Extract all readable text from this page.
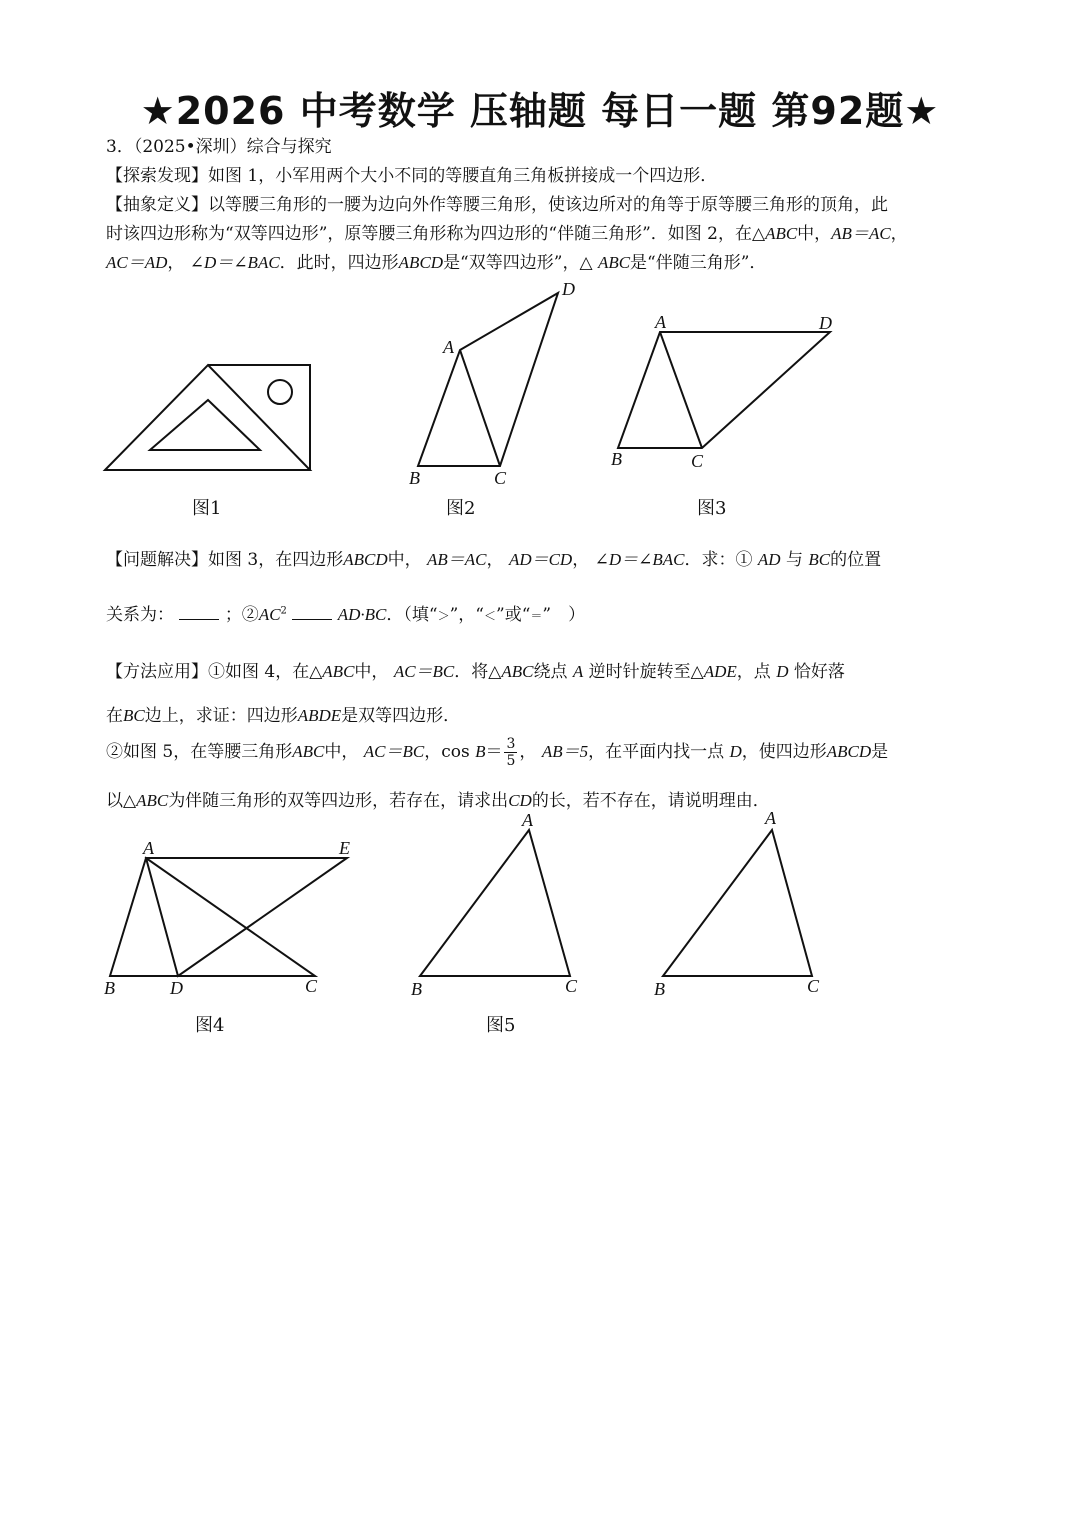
★2026 中考数学 压轴题 每日一题 第92题★
3．（2025•深圳）综合与探究
【探索发现】如图 1，小军用两个大小不同的等腰直角三角板拼接成一个四边形．
【抽象定义】以等腰三角形的一腰为边向外作等腰三角形，使该边所对的角等于原等腰三角形的顶角，此
时该四边形称为“双等四边形”，原等腰三角形称为四边形的“伴随三角形”．如图 2，在△ABC中，AB＝AC，
AC＝AD， ∠D＝∠BAC．此时，四边形ABCD是“双等四边形”，△ ABC是“伴随三角形”．
图1
A
D
B	C
图2
A	D
B	C
图3
【问题解决】如图 3，在四边形ABCD中， AB＝AC， AD＝CD， ∠D＝∠BAC．求：① AD 与 BC的位置
关系为：	；$②AC^2$	AD·BC．（填“＞”，“＜”或“＝”　）
【方法应用】①如图 4，在△ABC中， AC＝BC．将△ABC绕点 A 逆时针旋转至△ADE，点 D 恰好落
在BC边上，求证：四边形ABDE是双等四边形．
②如图 5，在等腰三角形ABC中， AC＝BC，$\cos B= \frac{3}{5}$ ， AB＝5，在平面内找一点 D，使四边形ABCD是
以△ABC为伴随三角形的双等四边形，若存在，请求出CD的长，若不存在，请说明理由．
A	E
B	D	C
图4
A
B	C
图5
A
B	C
